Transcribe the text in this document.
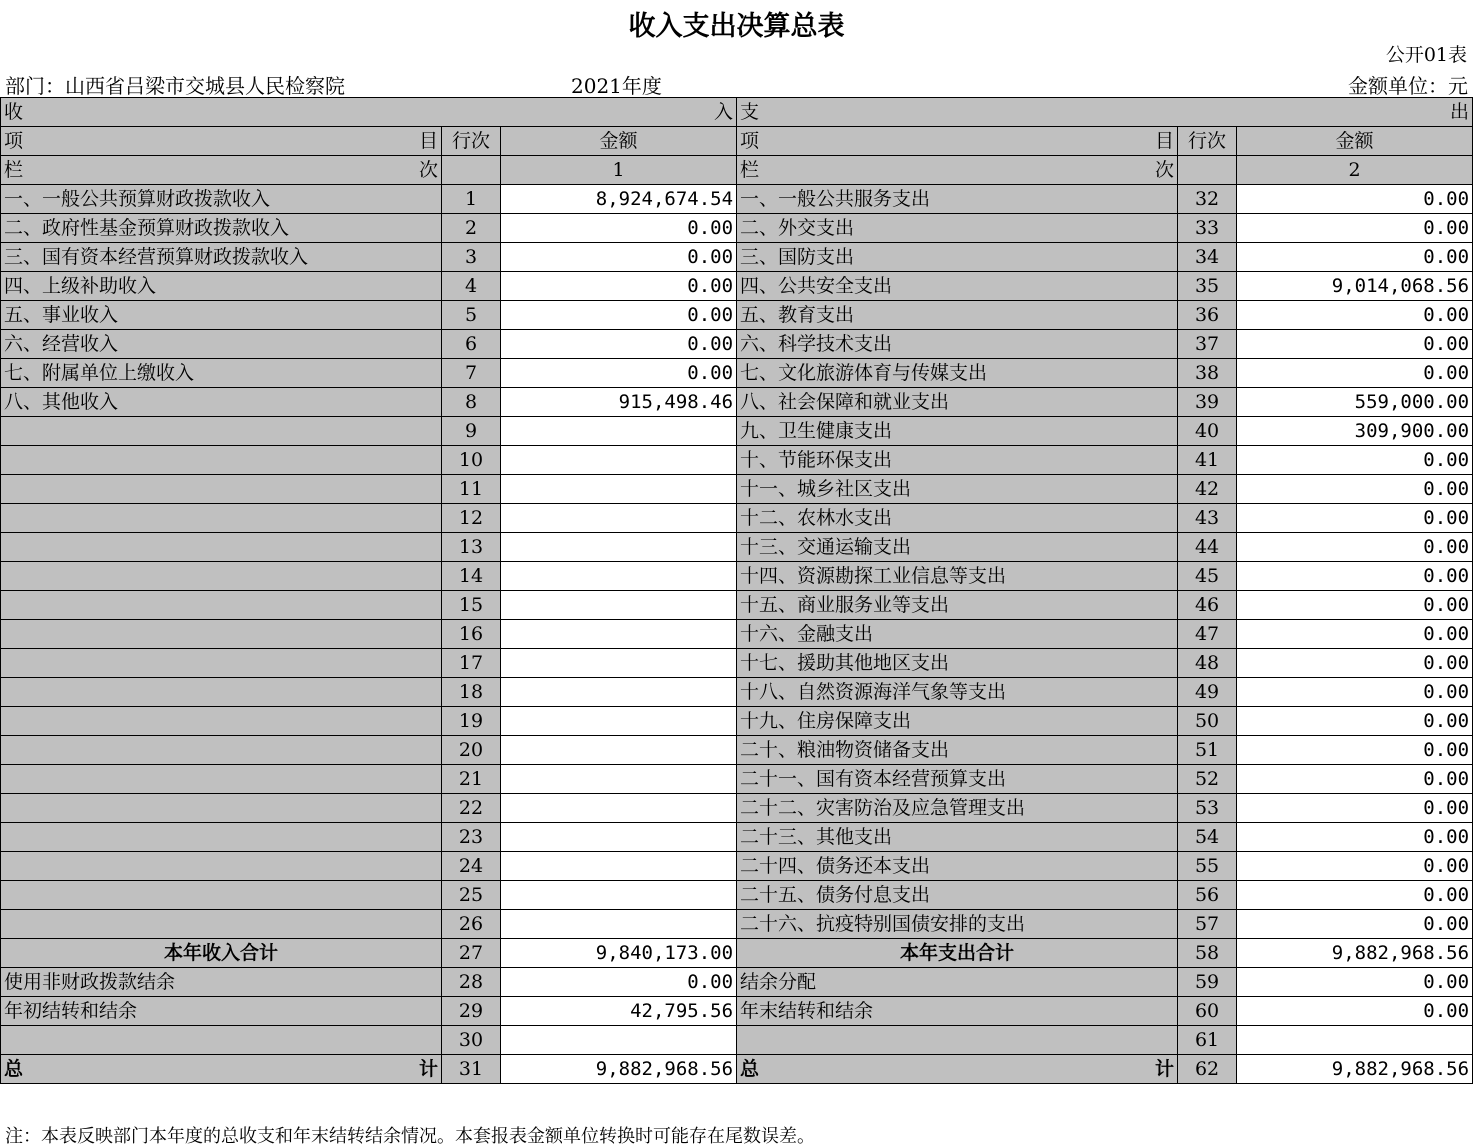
收入支出决算总表
公开01表
部门：山西省吕梁市交城县人民检察院	2021年度	金额单位：元
收 入			支 出		

项 目	行次	金额	项 目	行次	金额

栏 次		1	栏 次		2
一、一般公共预算财政拨款收入	1	8,924,674.54	一、一般公共服务支出	32	0.00
二、政府性基金预算财政拨款收入	2	0.00	二、外交支出	33	0.00
三、国有资本经营预算财政拨款收入	3	0.00	三、国防支出	34	0.00
四、上级补助收入	4	0.00	四、公共安全支出	35	9,014,068.56
五、事业收入	5	0.00	五、教育支出	36	0.00
六、经营收入	6	0.00	六、科学技术支出	37	0.00
七、附属单位上缴收入	7	0.00	七、文化旅游体育与传媒支出	38	0.00
八、其他收入	8	915,498.46	八、社会保障和就业支出	39	559,000.00
	9		九、卫生健康支出	40	309,900.00
	10		十、节能环保支出	41	0.00
	11		十一、城乡社区支出	42	0.00
	12		十二、农林水支出	43	0.00
	13		十三、交通运输支出	44	0.00
	14		十四、资源勘探工业信息等支出	45	0.00
	15		十五、商业服务业等支出	46	0.00
	16		十六、金融支出	47	0.00
	17		十七、援助其他地区支出	48	0.00
	18		十八、自然资源海洋气象等支出	49	0.00
	19		十九、住房保障支出	50	0.00
	20		二十、粮油物资储备支出	51	0.00
	21		二十一、国有资本经营预算支出	52	0.00
	22		二十二、灾害防治及应急管理支出	53	0.00
	23		二十三、其他支出	54	0.00
	24		二十四、债务还本支出	55	0.00
	25		二十五、债务付息支出	56	0.00
	26		二十六、抗疫特别国债安排的支出	57	0.00
本年收入合计	27	9,840,173.00	本年支出合计	58	9,882,968.56
使用非财政拨款结余	28	0.00	结余分配	59	0.00
年初结转和结余	29	42,795.56	年末结转和结余	60	0.00
	30			61	

总 计	31	9,882,968.56	总 计	62	9,882,968.56
注：本表反映部门本年度的总收支和年末结转结余情况。本套报表金额单位转换时可能存在尾数误差。
